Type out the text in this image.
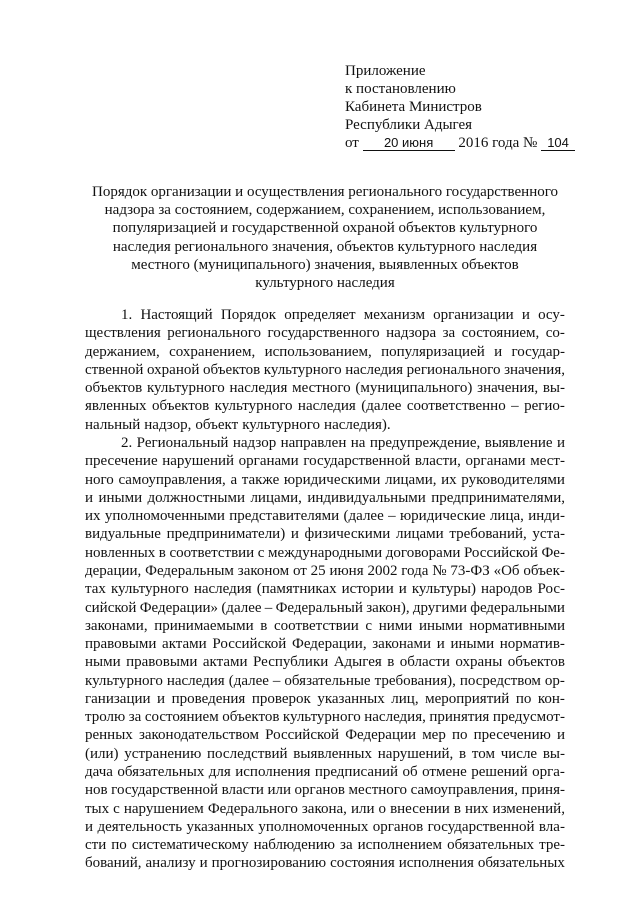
Приложение
к постановлению
Кабинета Министров
Республики Адыгея
от 20 июня 2016 года № 104
Порядок организации и осуществления регионального государственного
надзора за состоянием, содержанием, сохранением, использованием,
популяризацией и государственной охраной объектов культурного
наследия регионального значения, объектов культурного наследия
местного (муниципального) значения, выявленных объектов
культурного наследия
1. Настоящий Порядок определяет механизм организации и осу-
ществления регионального государственного надзора за состоянием, со-
держанием, сохранением, использованием, популяризацией и государ-
ственной охраной объектов культурного наследия регионального значения,
объектов культурного наследия местного (муниципального) значения, вы-
явленных объектов культурного наследия (далее соответственно – регио-
нальный надзор, объект культурного наследия).
2. Региональный надзор направлен на предупреждение, выявление и
пресечение нарушений органами государственной власти, органами мест-
ного самоуправления, а также юридическими лицами, их руководителями
и иными должностными лицами, индивидуальными предпринимателями,
их уполномоченными представителями (далее – юридические лица, инди-
видуальные предприниматели) и физическими лицами требований, уста-
новленных в соответствии с международными договорами Российской Фе-
дерации, Федеральным законом от 25 июня 2002 года № 73-ФЗ «Об объек-
тах культурного наследия (памятниках истории и культуры) народов Рос-
сийской Федерации» (далее – Федеральный закон), другими федеральными
законами, принимаемыми в соответствии с ними иными нормативными
правовыми актами Российской Федерации, законами и иными норматив-
ными правовыми актами Республики Адыгея в области охраны объектов
культурного наследия (далее – обязательные требования), посредством ор-
ганизации и проведения проверок указанных лиц, мероприятий по кон-
тролю за состоянием объектов культурного наследия, принятия предусмот-
ренных законодательством Российской Федерации мер по пресечению и
(или) устранению последствий выявленных нарушений, в том числе вы-
дача обязательных для исполнения предписаний об отмене решений орга-
нов государственной власти или органов местного самоуправления, приня-
тых с нарушением Федерального закона, или о внесении в них изменений,
и деятельность указанных уполномоченных органов государственной вла-
сти по систематическому наблюдению за исполнением обязательных тре-
бований, анализу и прогнозированию состояния исполнения обязательных
